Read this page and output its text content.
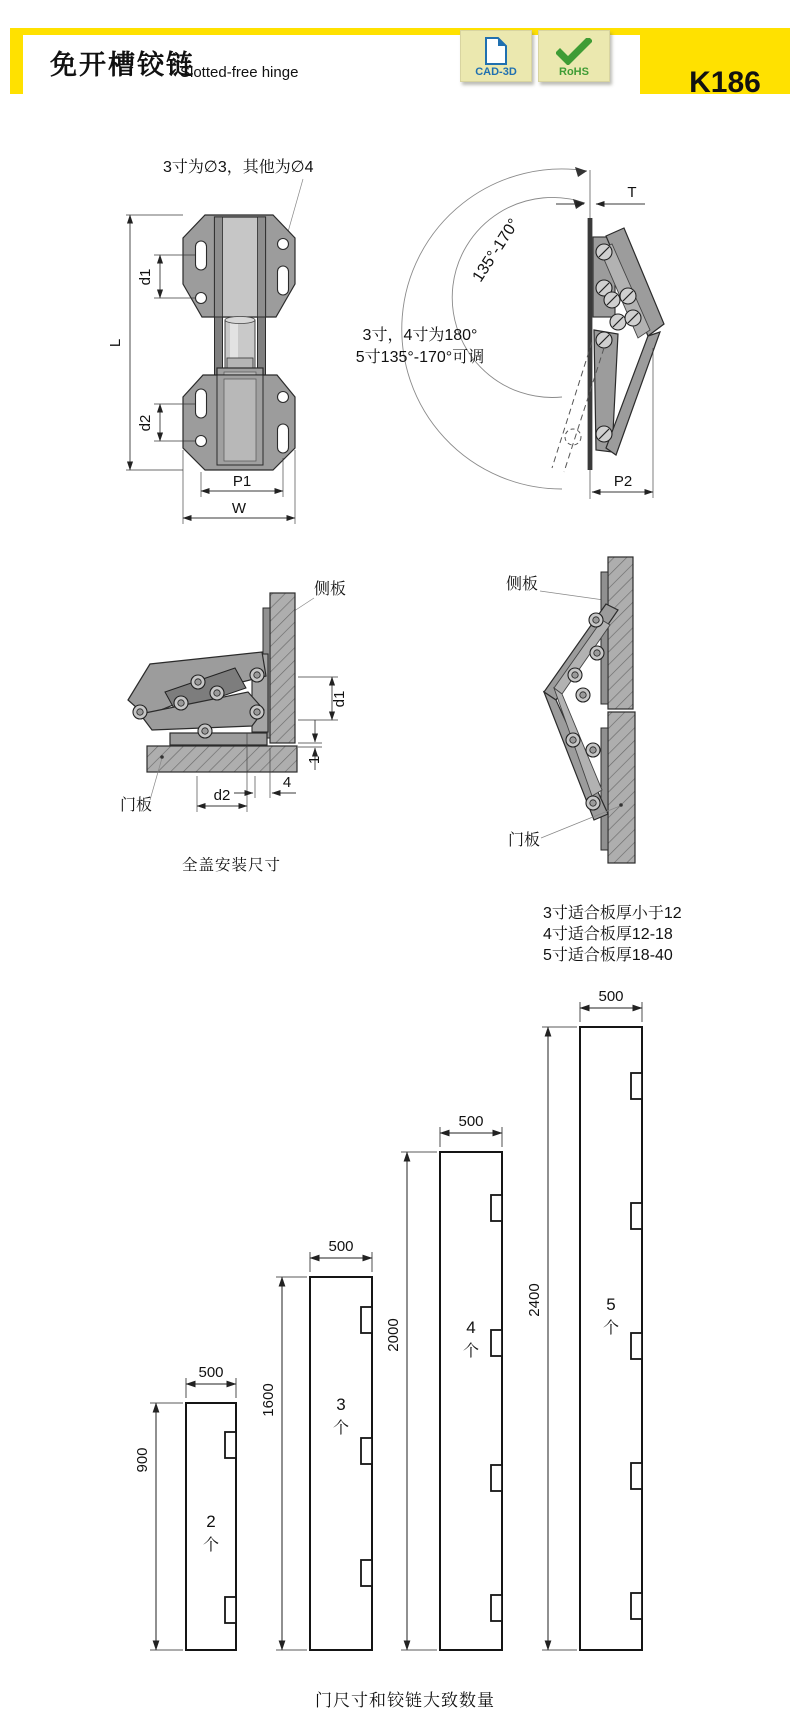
免开槽铰链
Slotted-free hinge	K186
CAD-3D	RoHS
3寸为∅3，其他为∅4
L
d1
d2
P1
W
135°-170°
3寸，4寸为180°
5寸135°-170°可调
T
P2
侧板
d1
1
d2
4
门板
全盖安装尺寸
侧板
门板
3寸适合板厚小于12
4寸适合板厚12-18
5寸适合板厚18-40
500
900
2
个
500
1600	3
个
500
2000	4
个
500
2400	5
个
门尺寸和铰链大致数量
